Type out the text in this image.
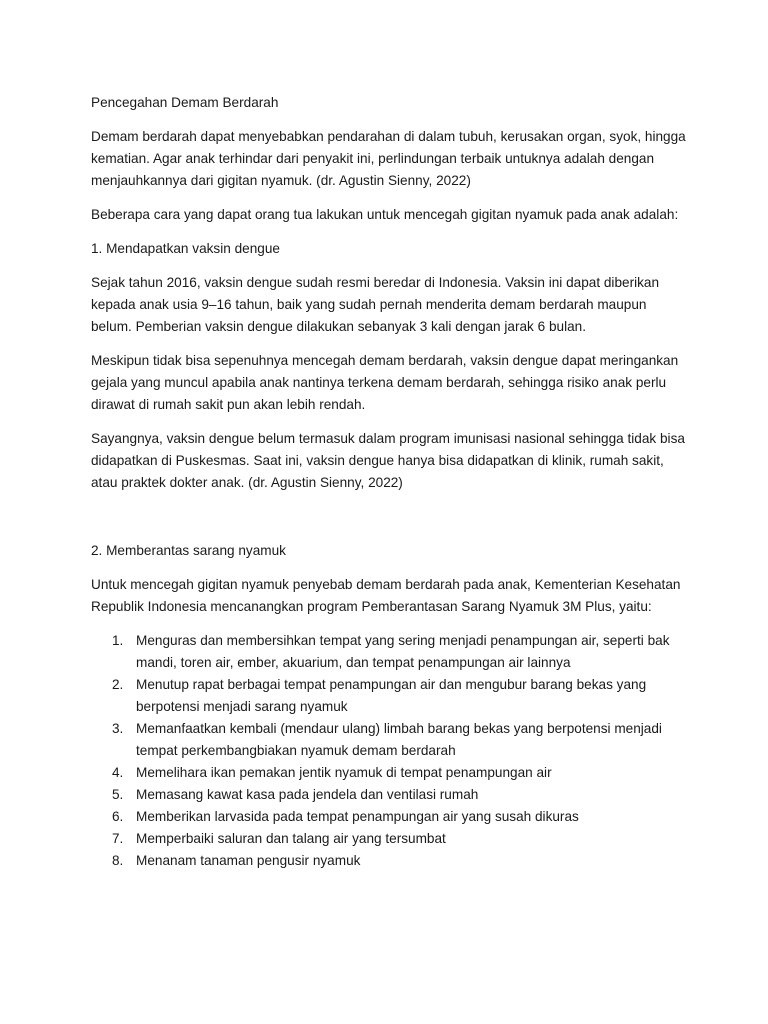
Pencegahan Demam Berdarah

Demam berdarah dapat menyebabkan pendarahan di dalam tubuh, kerusakan organ, syok, hingga kematian. Agar anak terhindar dari penyakit ini, perlindungan terbaik untuknya adalah dengan menjauhkannya dari gigitan nyamuk. (dr. Agustin Sienny, 2022)

Beberapa cara yang dapat orang tua lakukan untuk mencegah gigitan nyamuk pada anak adalah:

1. Mendapatkan vaksin dengue

Sejak tahun 2016, vaksin dengue sudah resmi beredar di Indonesia. Vaksin ini dapat diberikan kepada anak usia 9–16 tahun, baik yang sudah pernah menderita demam berdarah maupun belum. Pemberian vaksin dengue dilakukan sebanyak 3 kali dengan jarak 6 bulan.

Meskipun tidak bisa sepenuhnya mencegah demam berdarah, vaksin dengue dapat meringankan gejala yang muncul apabila anak nantinya terkena demam berdarah, sehingga risiko anak perlu dirawat di rumah sakit pun akan lebih rendah.

Sayangnya, vaksin dengue belum termasuk dalam program imunisasi nasional sehingga tidak bisa didapatkan di Puskesmas. Saat ini, vaksin dengue hanya bisa didapatkan di klinik, rumah sakit, atau praktek dokter anak. (dr. Agustin Sienny, 2022)

2. Memberantas sarang nyamuk

Untuk mencegah gigitan nyamuk penyebab demam berdarah pada anak, Kementerian Kesehatan Republik Indonesia mencanangkan program Pemberantasan Sarang Nyamuk 3M Plus, yaitu:

1. Menguras dan membersihkan tempat yang sering menjadi penampungan air, seperti bak mandi, toren air, ember, akuarium, dan tempat penampungan air lainnya
2. Menutup rapat berbagai tempat penampungan air dan mengubur barang bekas yang berpotensi menjadi sarang nyamuk
3. Memanfaatkan kembali (mendaur ulang) limbah barang bekas yang berpotensi menjadi tempat perkembangbiakan nyamuk demam berdarah
4. Memelihara ikan pemakan jentik nyamuk di tempat penampungan air
5. Memasang kawat kasa pada jendela dan ventilasi rumah
6. Memberikan larvasida pada tempat penampungan air yang susah dikuras
7. Memperbaiki saluran dan talang air yang tersumbat
8. Menanam tanaman pengusir nyamuk
